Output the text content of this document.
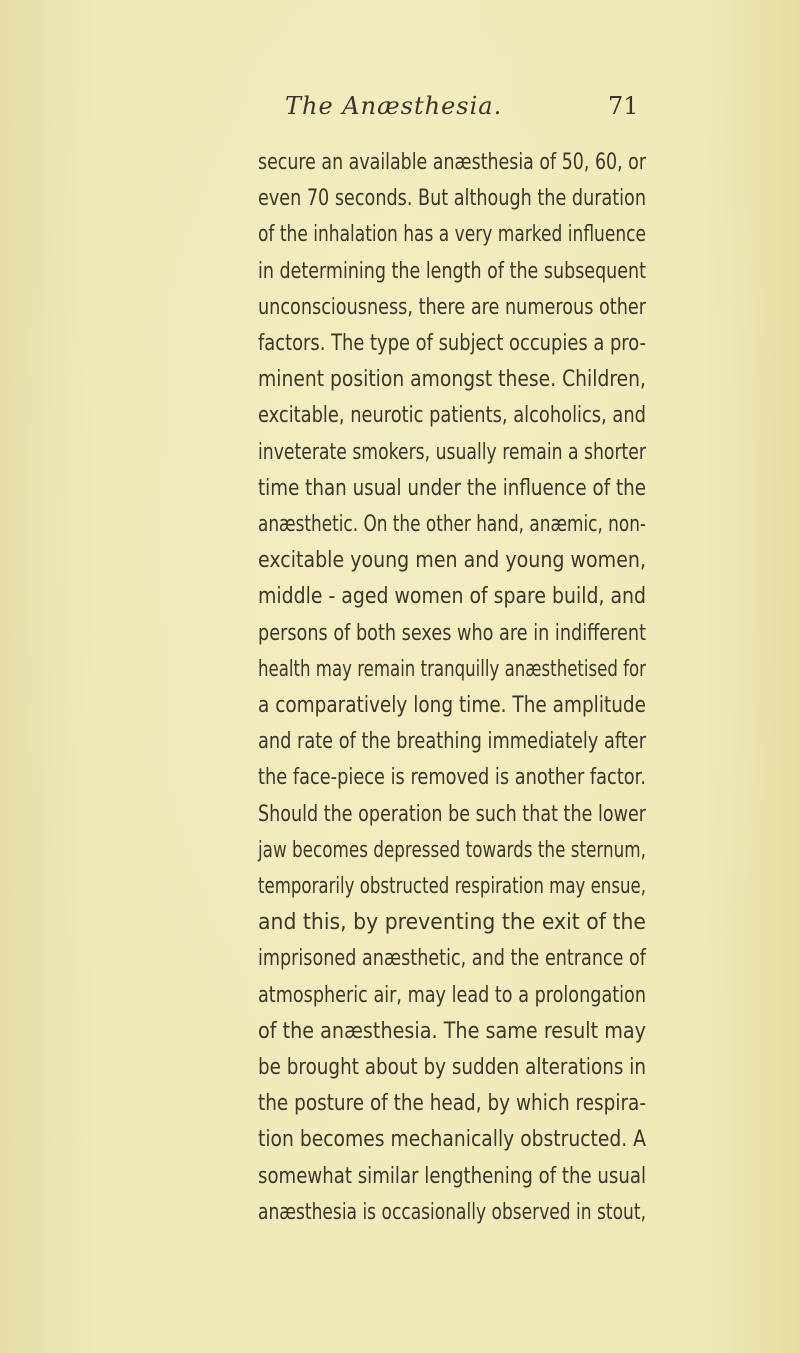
The Anæsthesia.	71
secure an available anæsthesia of 50, 60, or
even 70 seconds. But although the duration
of the inhalation has a very marked influence
in determining the length of the subsequent
unconsciousness, there are numerous other
factors. The type of subject occupies a pro-
minent position amongst these. Children,
excitable, neurotic patients, alcoholics, and
inveterate smokers, usually remain a shorter
time than usual under the influence of the
anæsthetic. On the other hand, anæmic, non-
excitable young men and young women,
middle - aged women of spare build, and
persons of both sexes who are in indifferent
health may remain tranquilly anæsthetised for
a comparatively long time. The amplitude
and rate of the breathing immediately after
the face-piece is removed is another factor.
Should the operation be such that the lower
jaw becomes depressed towards the sternum,
temporarily obstructed respiration may ensue,
and this, by preventing the exit of the
imprisoned anæsthetic, and the entrance of
atmospheric air, may lead to a prolongation
of the anæsthesia. The same result may
be brought about by sudden alterations in
the posture of the head, by which respira-
tion becomes mechanically obstructed. A
somewhat similar lengthening of the usual
anæsthesia is occasionally observed in stout,
